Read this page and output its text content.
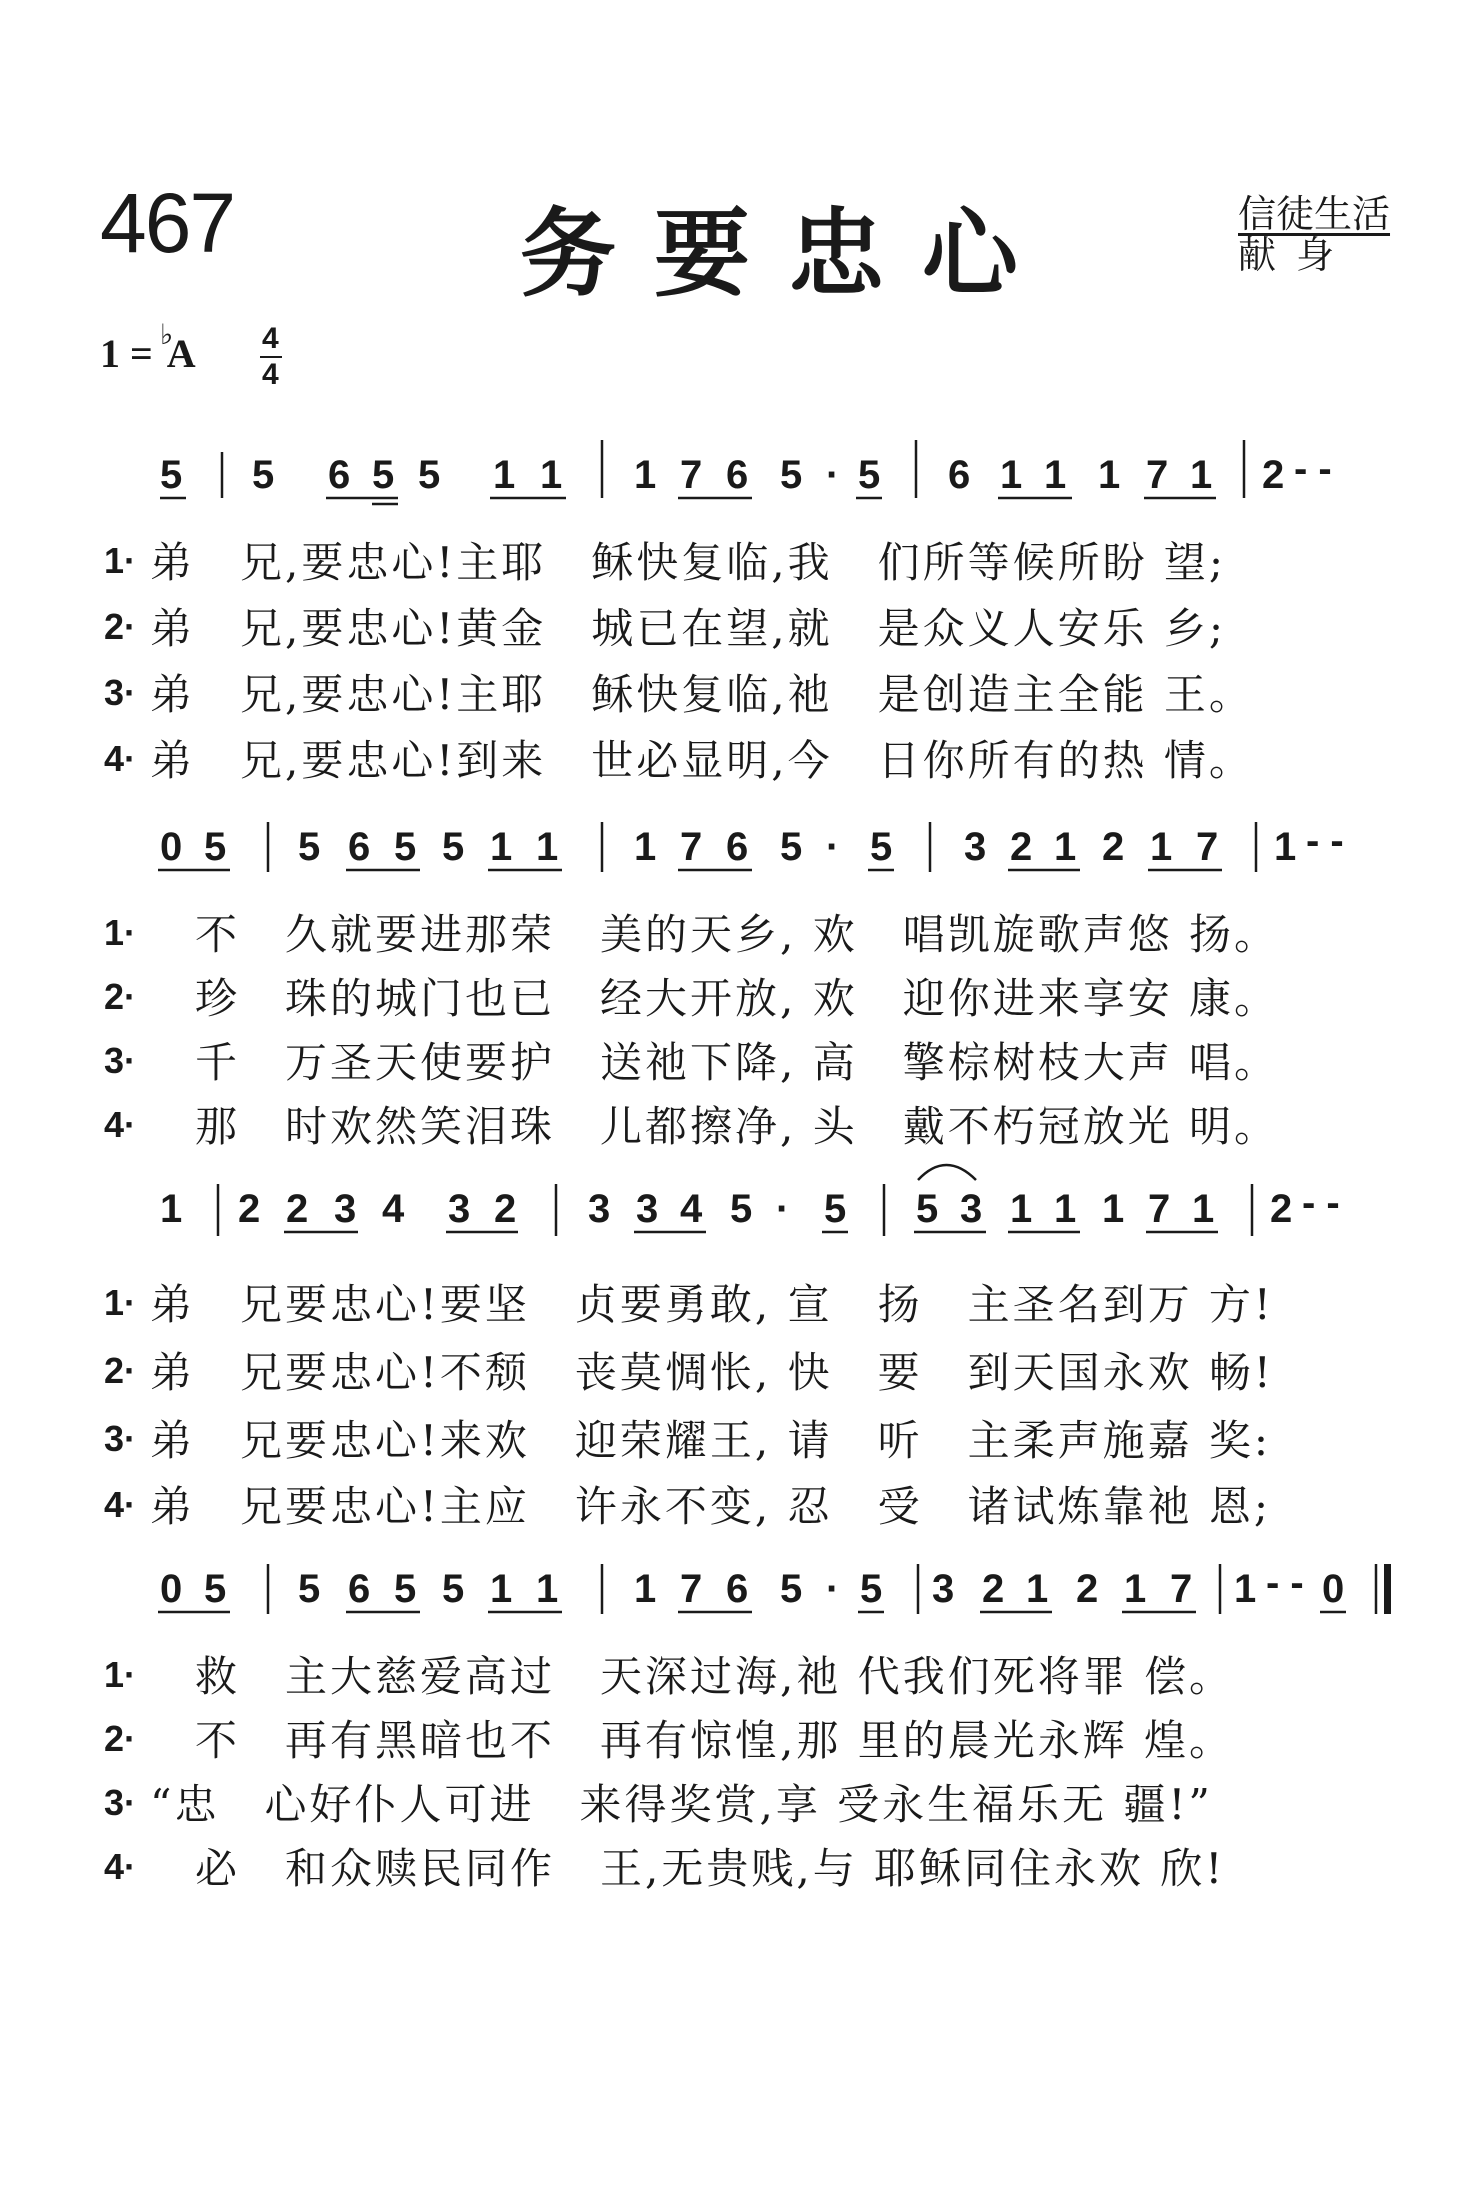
467	务要忠心	信徒生活
献身
1 = A
♭	4
4
5 5 6 5 5 1 1 1 7 6 5 · 5 6 1 1 1 7 1 2 - -
0 5 5 6 5 5 1 1 1 7 6 5 · 5 3 2 1 2 1 7 1 - -
1 2 2 3 4 3 2 3 3 4 5 · 5 5 3 1 1 1 7 1 2 - -
0 5 5 6 5 5 1 1 1 7 6 5 · 5 3 2 1 2 1 7 1 - - 0
1· 弟　兄,要忠心!主耶　稣快复临,我　们所等候所盼 望;
2· 弟　兄,要忠心!黄金　城已在望,就　是众义人安乐 乡;
3· 弟　兄,要忠心!主耶　稣快复临,祂　是创造主全能 王。
4· 弟　兄,要忠心!到来　世必显明,今　日你所有的热 情。
1· 　不　久就要进那荣　美的天乡, 欢　唱凯旋歌声悠 扬。
2· 　珍　珠的城门也已　经大开放, 欢　迎你进来享安 康。
3· 　千　万圣天使要护　送祂下降, 高　擎棕树枝大声 唱。
4· 　那　时欢然笑泪珠　儿都擦净, 头　戴不朽冠放光 明。
1· 弟　兄要忠心!要坚　贞要勇敢, 宣　扬　主圣名到万 方!
2· 弟　兄要忠心!不颓　丧莫惆怅, 快　要　到天国永欢 畅!
3· 弟　兄要忠心!来欢　迎荣耀王, 请　听　主柔声施嘉 奖:
4· 弟　兄要忠心!主应　许永不变, 忍　受　诸试炼靠祂 恩;
1· 　救　主大慈爱高过　天深过海,祂 代我们死将罪 偿。
2· 　不　再有黑暗也不　再有惊惶,那 里的晨光永辉 煌。
3· “忠　心好仆人可进　来得奖赏,享 受永生福乐无 疆!”
4· 　必　和众赎民同作　王,无贵贱,与 耶稣同住永欢 欣!
